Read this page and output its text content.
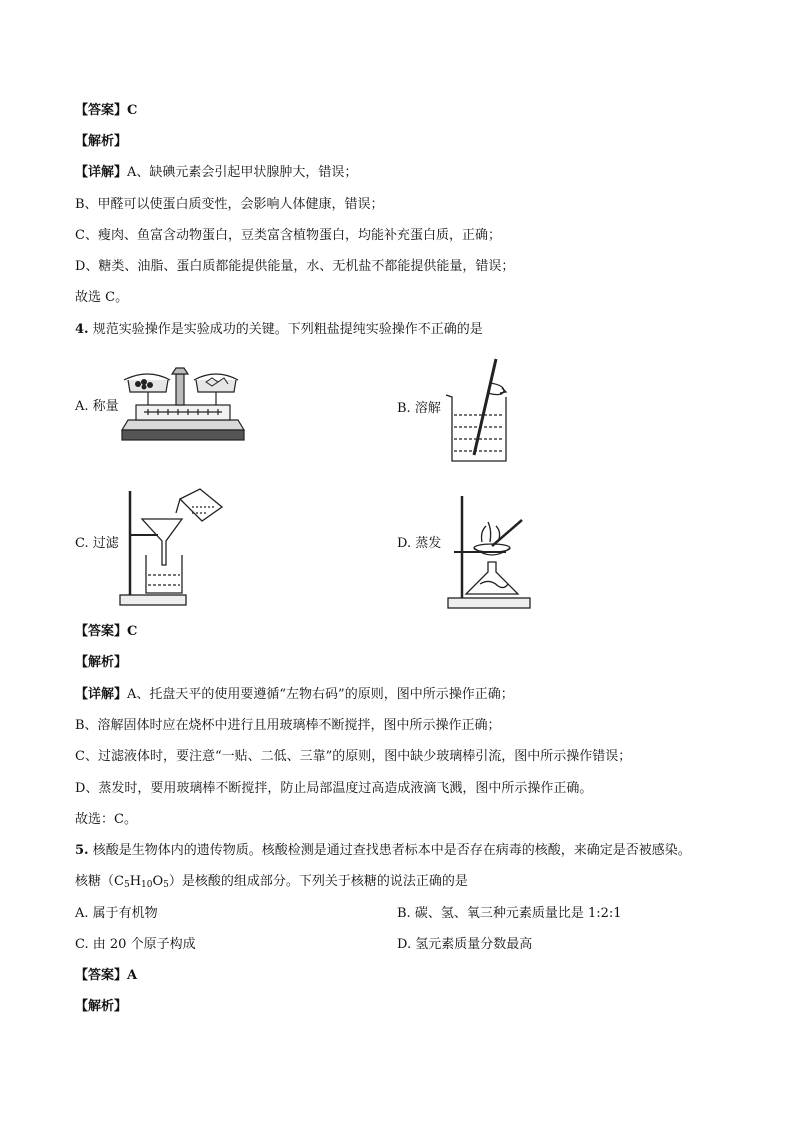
【答案】C
【解析】
【详解】A、缺碘元素会引起甲状腺肿大，错误；
B、甲醛可以使蛋白质变性，会影响人体健康，错误；
C、瘦肉、鱼富含动物蛋白，豆类富含植物蛋白，均能补充蛋白质，正确；
D、糖类、油脂、蛋白质都能提供能量，水、无机盐不都能提供能量，错误；
故选 C。
4. 规范实验操作是实验成功的关键。下列粗盐提纯实验操作不正确的是
A. 称量	B. 溶解
C. 过滤	D. 蒸发
【答案】C
【解析】
【详解】A、托盘天平的使用要遵循“左物右码”的原则，图中所示操作正确；
B、溶解固体时应在烧杯中进行且用玻璃棒不断搅拌，图中所示操作正确；
C、过滤液体时，要注意“一贴、二低、三靠”的原则，图中缺少玻璃棒引流，图中所示操作错误；
D、蒸发时，要用玻璃棒不断搅拌，防止局部温度过高造成液滴飞溅，图中所示操作正确。
故选：C。
5. 核酸是生物体内的遗传物质。核酸检测是通过查找患者标本中是否存在病毒的核酸，来确定是否被感染。
核糖$(C_5H_{10}O_5)$是核酸的组成部分。下列关于核糖的说法正确的是
A. 属于有机物	B. 碳、氢、氧三种元素质量比是 1:2:1
C. 由 20 个原子构成	D. 氢元素质量分数最高
【答案】A
【解析】
